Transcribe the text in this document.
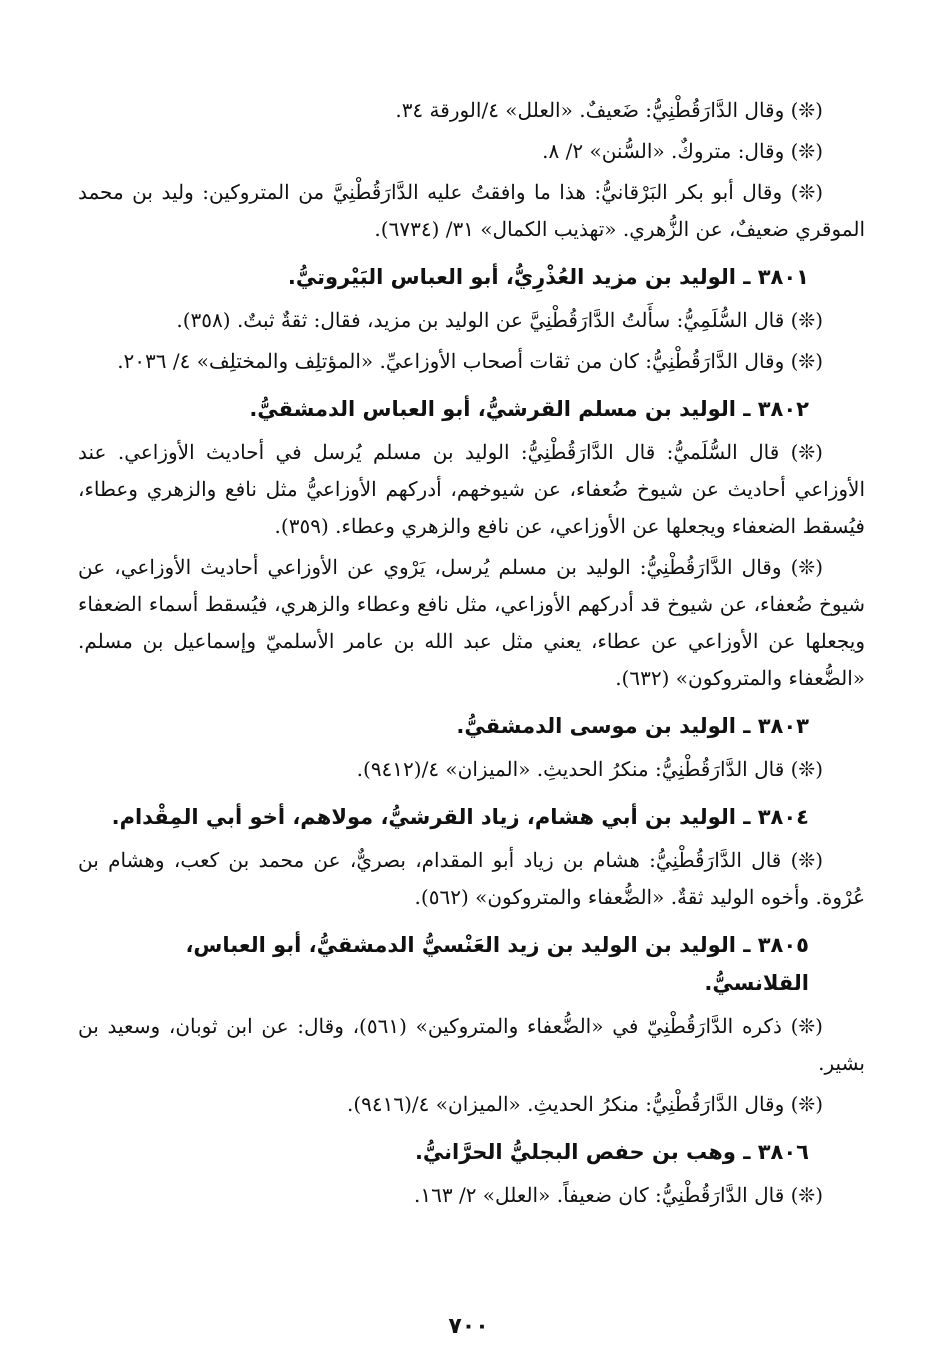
(❊) وقال الدَّارَقُطْنِيُّ: ضَعيفٌ. «العلل» ٤/الورقة ٣٤.

(❊) وقال: متروكٌ. «السُّنن» ٢/ ٨.

(❊) وقال أبو بكر البَرْقانيُّ: هذا ما وافقتُ عليه الدَّارَقُطْنِيَّ من المتروكين: وليد بن محمد الموقري ضعيفٌ، عن الزُّهري. «تهذيب الكمال» ٣١/ (٦٧٣٤).

٣٨٠١ ـ الوليد بن مزيد العُذْرِيُّ، أبو العباس البَيْروتيُّ.

(❊) قال السُّلَمِيُّ: سأَلتُ الدَّارَقُطْنِيَّ عن الوليد بن مزيد، فقال: ثقةٌ ثبتٌ. (٣٥٨).

(❊) وقال الدَّارَقُطْنِيُّ: كان من ثقات أصحاب الأوزاعيِّ. «المؤتلِف والمختلِف» ٤/ ٢٠٣٦.

٣٨٠٢ ـ الوليد بن مسلم القرشيُّ، أبو العباس الدمشقيُّ.

(❊) قال السُّلَميُّ: قال الدَّارَقُطْنِيُّ: الوليد بن مسلم يُرسل في أحاديث الأوزاعي. عند الأوزاعي أحاديث عن شيوخ ضُعفاء، عن شيوخهم، أدركهم الأوزاعيُّ مثل نافع والزهري وعطاء، فيُسقط الضعفاء ويجعلها عن الأوزاعي، عن نافع والزهري وعطاء. (٣٥٩).

(❊) وقال الدَّارَقُطْنِيُّ: الوليد بن مسلم يُرسل، يَرْوي عن الأوزاعي أحاديث الأوزاعي، عن شيوخ ضُعفاء، عن شيوخ قد أدركهم الأوزاعي، مثل نافع وعطاء والزهري، فيُسقط أسماء الضعفاء ويجعلها عن الأوزاعي عن عطاء، يعني مثل عبد الله بن عامر الأسلميّ وإسماعيل بن مسلم. «الضُّعفاء والمتروكون» (٦٣٢).

٣٨٠٣ ـ الوليد بن موسى الدمشقيُّ.

(❊) قال الدَّارَقُطْنِيُّ: منكرُ الحديثِ. «الميزان» ٤/(٩٤١٢).

٣٨٠٤ ـ الوليد بن أبي هشام، زياد القرشيُّ، مولاهم، أخو أبي المِقْدام.

(❊) قال الدَّارَقُطْنِيُّ: هشام بن زياد أبو المقدام، بصريٌّ، عن محمد بن كعب، وهشام بن عُرْوة. وأخوه الوليد ثقةٌ. «الضُّعفاء والمتروكون» (٥٦٢).

٣٨٠٥ ـ الوليد بن الوليد بن زيد العَنْسيُّ الدمشقيُّ، أبو العباس، القلانسيُّ.

(❊) ذكره الدَّارَقُطْنِيّ في «الضُّعفاء والمتروكين» (٥٦١)، وقال: عن ابن ثوبان، وسعيد بن بشير.

(❊) وقال الدَّارَقُطْنِيُّ: منكرُ الحديثِ. «الميزان» ٤/(٩٤١٦).

٣٨٠٦ ـ وهب بن حفص البجليُّ الحرَّانيُّ.

(❊) قال الدَّارَقُطْنِيُّ: كان ضعيفاً. «العلل» ٢/ ١٦٣.

٧٠٠
